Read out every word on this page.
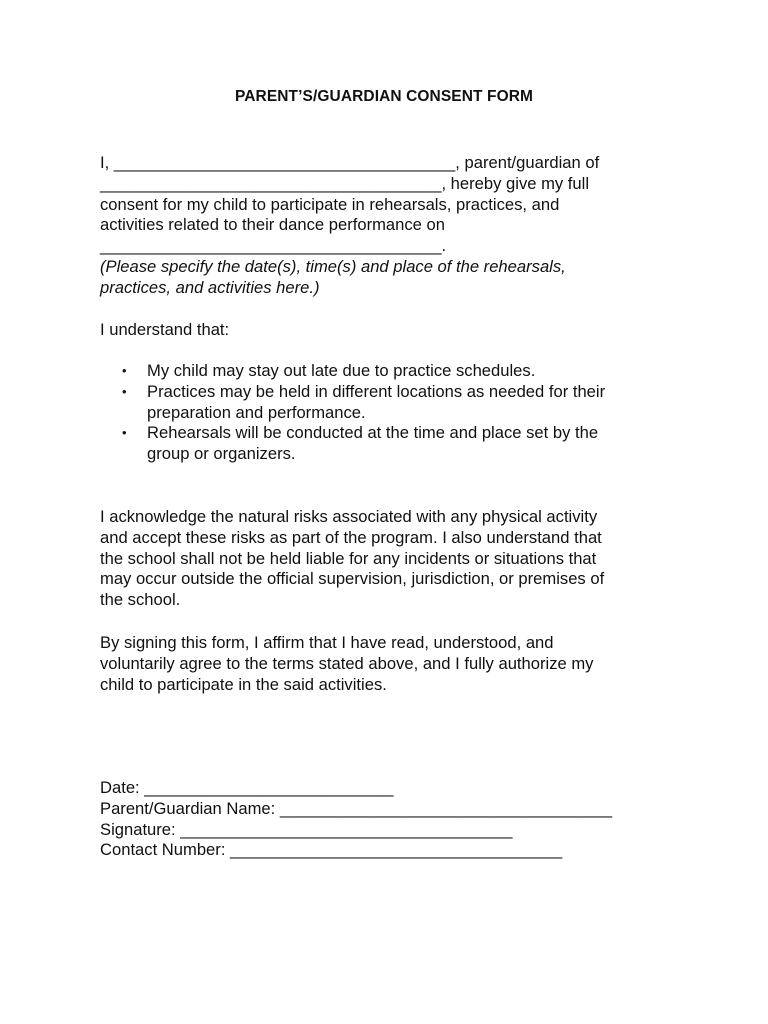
PARENT’S/GUARDIAN CONSENT FORM
I, _____________________________________, parent/guardian of
_____________________________________, hereby give my full
consent for my child to participate in rehearsals, practices, and
activities related to their dance performance on
_____________________________________.
(Please specify the date(s), time(s) and place of the rehearsals,
practices, and activities here.)
I understand that:
• My child may stay out late due to practice schedules.
• Practices may be held in different locations as needed for their
preparation and performance.
• Rehearsals will be conducted at the time and place set by the
group or organizers.
I acknowledge the natural risks associated with any physical activity
and accept these risks as part of the program. I also understand that
the school shall not be held liable for any incidents or situations that
may occur outside the official supervision, jurisdiction, or premises of
the school.
By signing this form, I affirm that I have read, understood, and
voluntarily agree to the terms stated above, and I fully authorize my
child to participate in the said activities.
Date: ___________________________
Parent/Guardian Name: ____________________________________
Signature: ____________________________________
Contact Number: ____________________________________
